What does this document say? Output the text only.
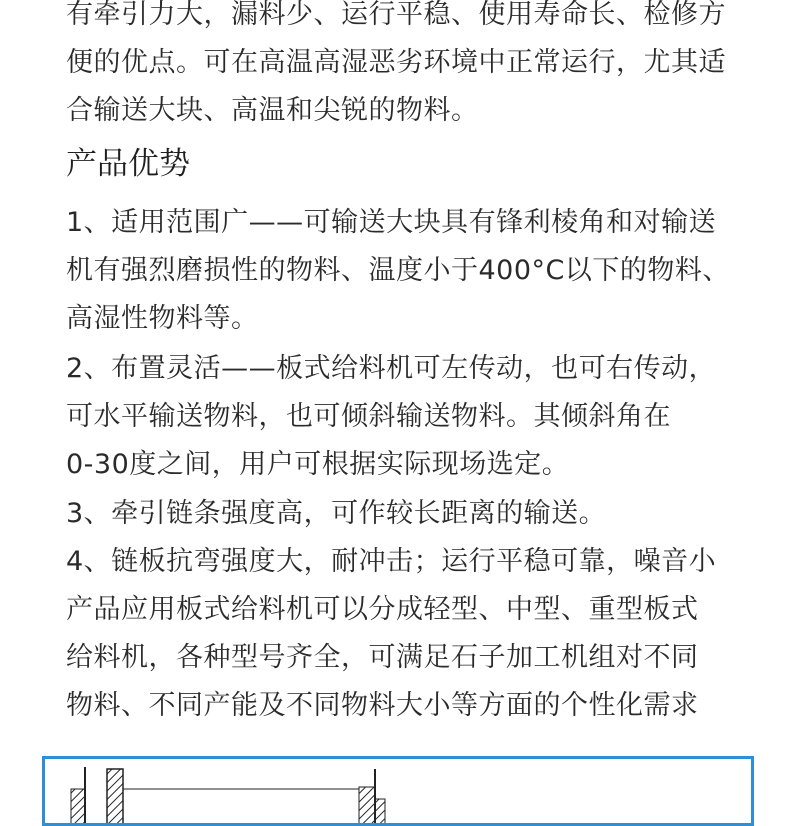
有牵引力大，漏料少、运行平稳、使用寿命长、检修方
便的优点。可在高温高湿恶劣环境中正常运行，尤其适
合输送大块、高温和尖锐的物料。
产品优势
1、适用范围广——可输送大块具有锋利棱角和对输送
机有强烈磨损性的物料、温度小于400°C以下的物料、
高湿性物料等。
2、布置灵活——板式给料机可左传动，也可右传动，
可水平输送物料，也可倾斜输送物料。其倾斜角在
0-30度之间，用户可根据实际现场选定。
3、牵引链条强度高，可作较长距离的输送。
4、链板抗弯强度大，耐冲击；运行平稳可靠，噪音小
产品应用板式给料机可以分成轻型、中型、重型板式
给料机，各种型号齐全，可满足石子加工机组对不同
物料、不同产能及不同物料大小等方面的个性化需求
